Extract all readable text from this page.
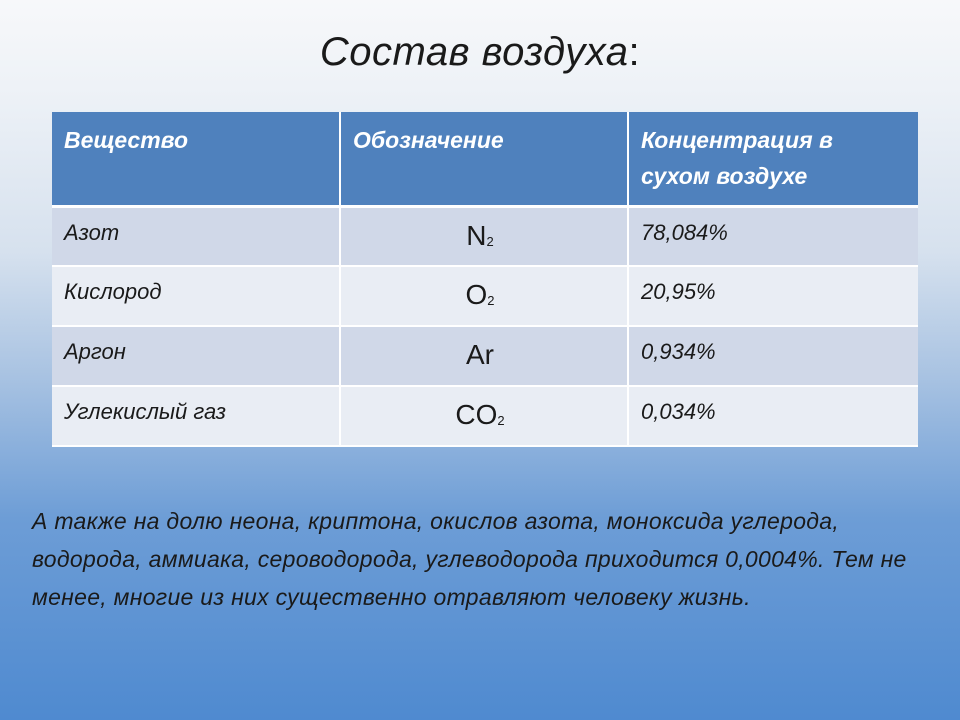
Состав воздуха:
Вещество	Обозначение	Концентрация в сухом воздухе
Азот	$N_2$	78,084%
Кислород	$O_2$	20,95%
Аргон	Ar	0,934%
Углекислый газ	$CO_2$	0,034%
А также на долю неона, криптона, окислов азота, моноксида углерода, водорода, аммиака, сероводорода, углеводорода приходится 0,0004%. Тем не менее, многие из них существенно отравляют человеку жизнь.
